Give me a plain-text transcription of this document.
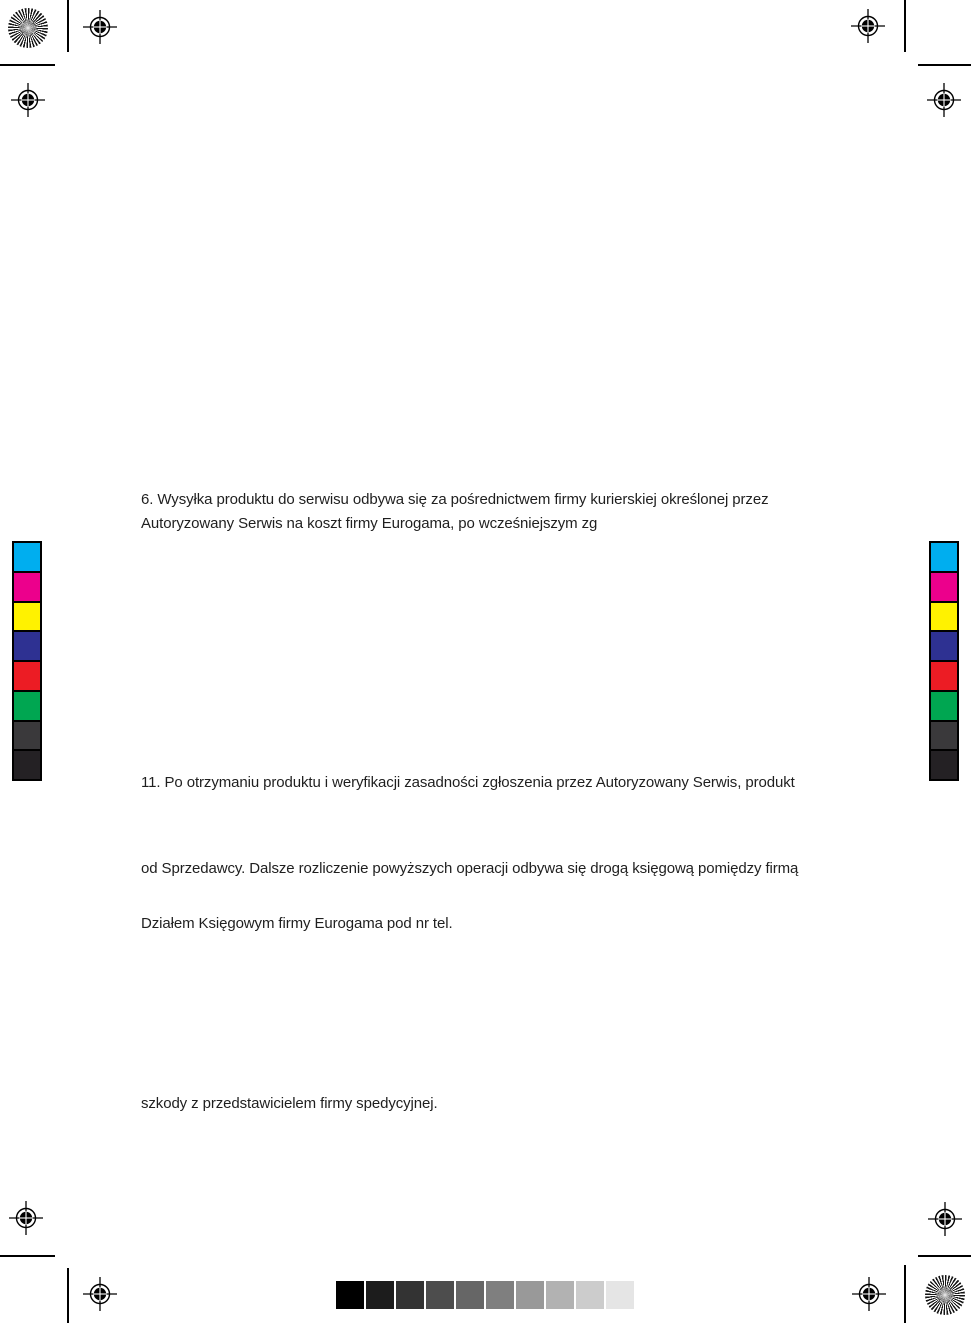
6. Wysyłka produktu do serwisu odbywa się za pośrednictwem firmy kurierskiej określonej przez
Autoryzowany Serwis na koszt firmy Eurogama, po wcześniejszym zg
11. Po otrzymaniu produktu i weryfikacji zasadności zgłoszenia przez Autoryzowany Serwis, produkt
od Sprzedawcy. Dalsze rozliczenie powyższych operacji odbywa się drogą księgową pomiędzy firmą
Działem Księgowym firmy Eurogama pod nr tel.
szkody z przedstawicielem firmy spedycyjnej.
